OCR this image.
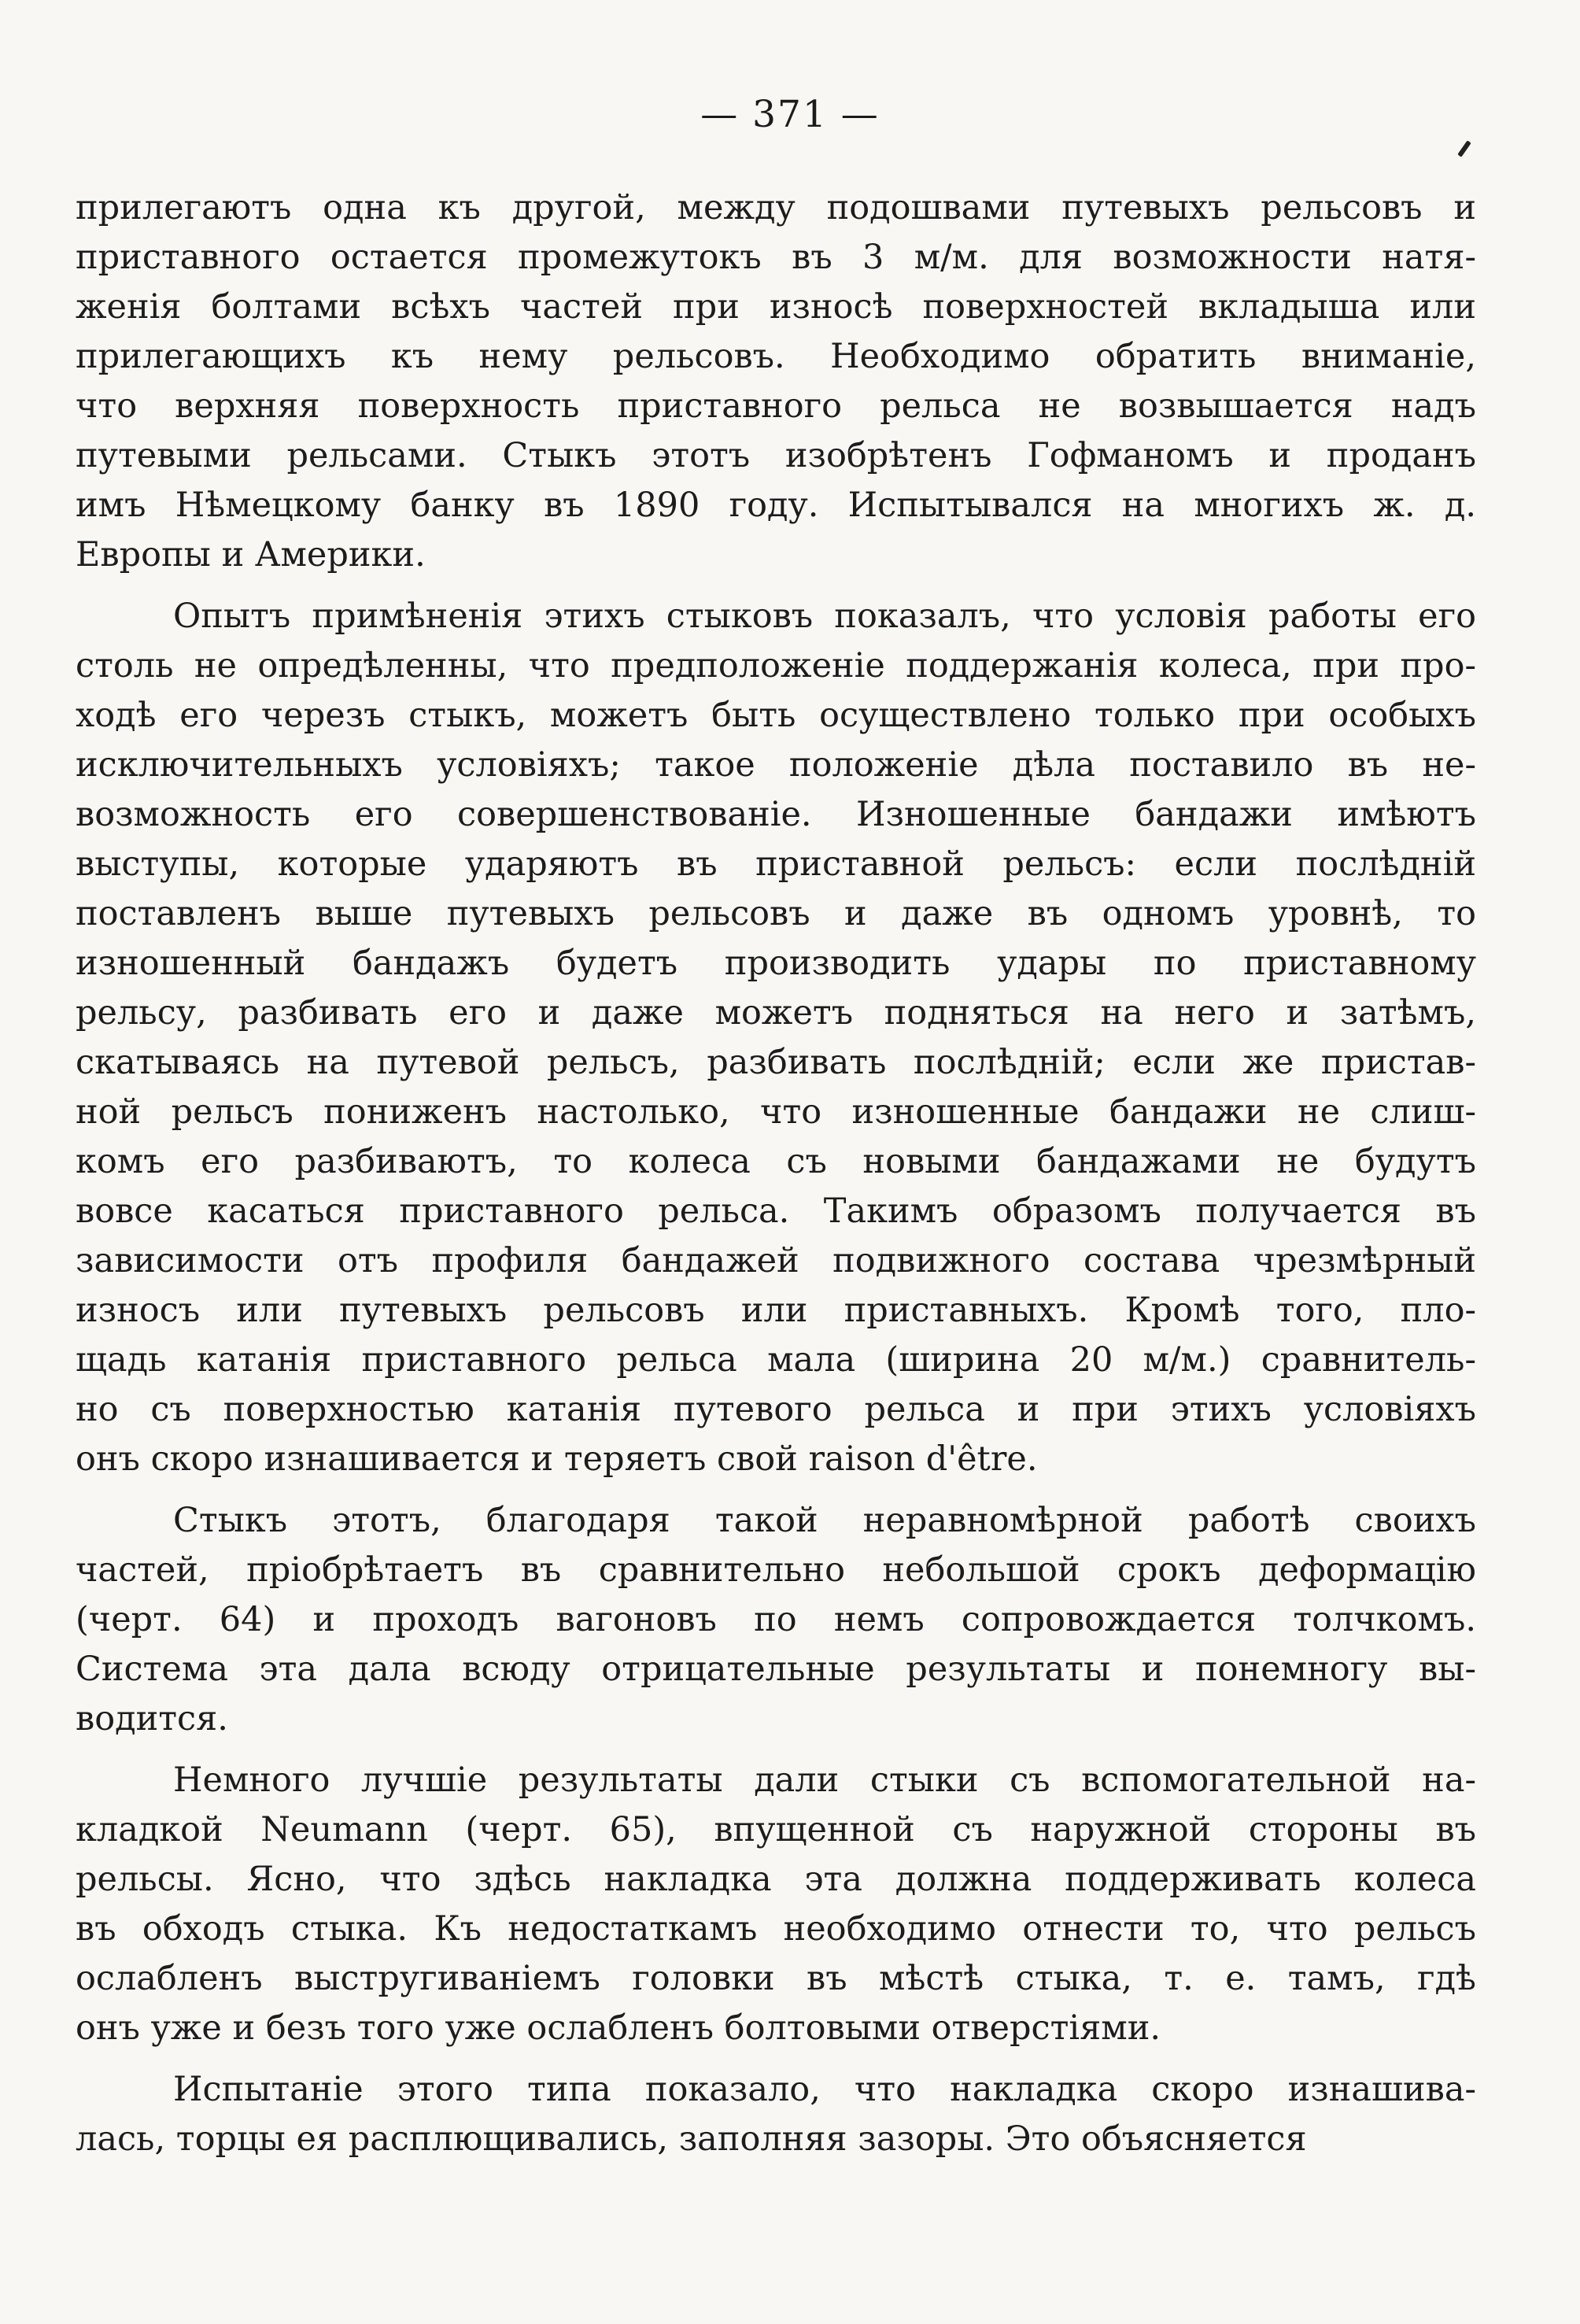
— 371 —
прилегаютъ одна къ другой, между подошвами путевыхъ рельсовъ и
приставного остается промежутокъ въ 3 м/м. для возможности натя-
женія болтами всѣхъ частей при износѣ поверхностей вкладыша или
прилегающихъ къ нему рельсовъ. Необходимо обратить вниманіе,
что верхняя поверхность приставного рельса не возвышается надъ
путевыми рельсами. Стыкъ этотъ изобрѣтенъ Гофманомъ и проданъ
имъ Нѣмецкому банку въ 1890 году. Испытывался на многихъ ж. д.
Европы и Америки.
Опытъ примѣненія этихъ стыковъ показалъ, что условія работы его
столь не опредѣленны, что предположеніе поддержанія колеса, при про-
ходѣ его черезъ стыкъ, можетъ быть осуществлено только при особыхъ
исключительныхъ условіяхъ; такое положеніе дѣла поставило въ не-
возможность его совершенствованіе. Изношенные бандажи имѣютъ
выступы, которые ударяютъ въ приставной рельсъ: если послѣдній
поставленъ выше путевыхъ рельсовъ и даже въ одномъ уровнѣ, то
изношенный бандажъ будетъ производить удары по приставному
рельсу, разбивать его и даже можетъ подняться на него и затѣмъ,
скатываясь на путевой рельсъ, разбивать послѣдній; если же пристав-
ной рельсъ пониженъ настолько, что изношенные бандажи не слиш-
комъ его разбиваютъ, то колеса съ новыми бандажами не будутъ
вовсе касаться приставного рельса. Такимъ образомъ получается въ
зависимости отъ профиля бандажей подвижного состава чрезмѣрный
износъ или путевыхъ рельсовъ или приставныхъ. Кромѣ того, пло-
щадь катанія приставного рельса мала (ширина 20 м/м.) сравнитель-
но съ поверхностью катанія путевого рельса и при этихъ условіяхъ
онъ скоро изнашивается и теряетъ свой raison d'être.
Стыкъ этотъ, благодаря такой неравномѣрной работѣ своихъ
частей, пріобрѣтаетъ въ сравнительно небольшой срокъ деформацію
(черт. 64) и проходъ вагоновъ по немъ сопровождается толчкомъ.
Система эта дала всюду отрицательные результаты и понемногу вы-
водится.
Немного лучшіе результаты дали стыки съ вспомогательной на-
кладкой Neumann (черт. 65), впущенной съ наружной стороны въ
рельсы. Ясно, что здѣсь накладка эта должна поддерживать колеса
въ обходъ стыка. Къ недостаткамъ необходимо отнести то, что рельсъ
ослабленъ выстругиваніемъ головки въ мѣстѣ стыка, т. е. тамъ, гдѣ
онъ уже и безъ того уже ослабленъ болтовыми отверстіями.
Испытаніе этого типа показало, что накладка скоро изнашива-
лась, торцы ея расплющивались, заполняя зазоры. Это объясняется
